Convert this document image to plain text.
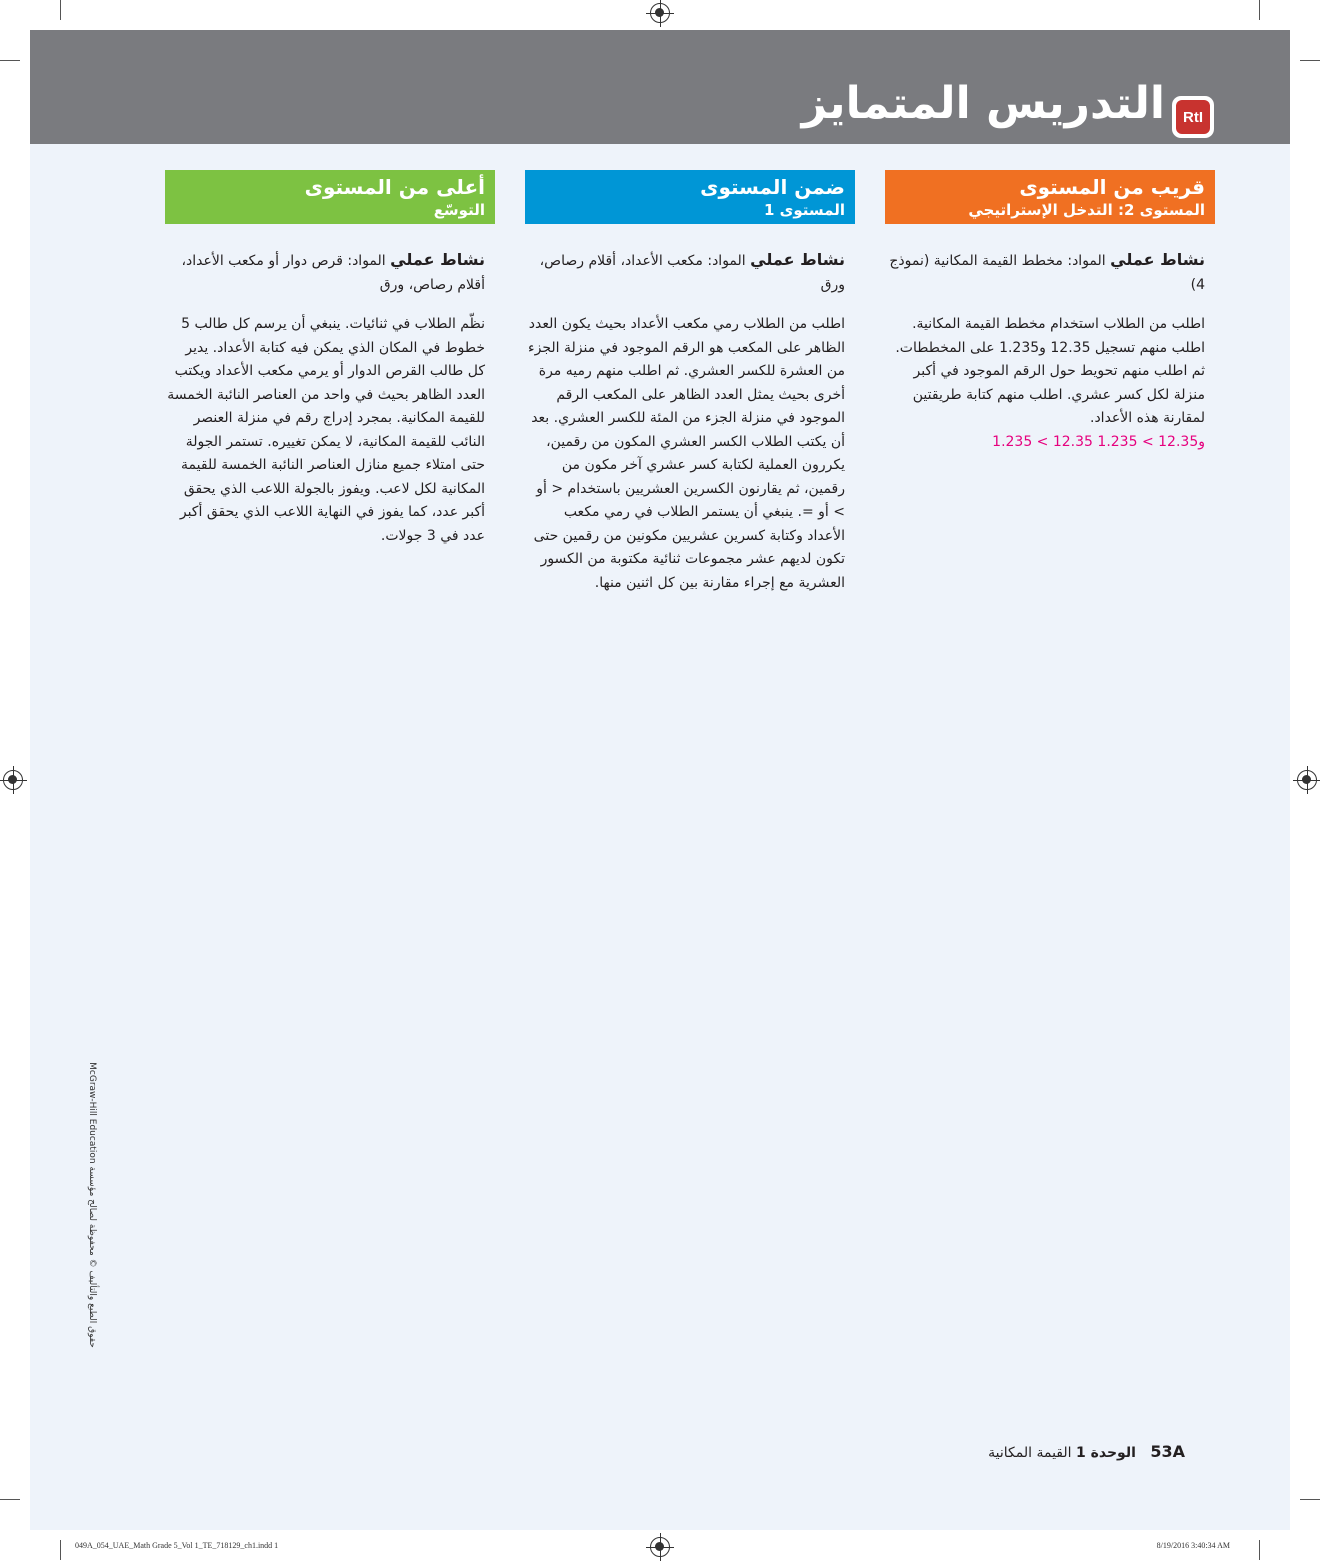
RtI
التدريس المتمايز
قريب من المستوى
المستوى 2: التدخل الإستراتيجي
نشاط عملي المواد: مخطط القيمة المكانية (نموذج 4)
اطلب من الطلاب استخدام مخطط القيمة المكانية. اطلب منهم تسجيل 12.35 و1.235 على المخططات. ثم اطلب منهم تحويط حول الرقم الموجود في أكبر منزلة لكل كسر عشري. اطلب منهم كتابة طريقتين لمقارنة هذه الأعداد.
1.235 < 12.35 و12.35 > 1.235
ضمن المستوى
المستوى 1
نشاط عملي المواد: مكعب الأعداد، أقلام رصاص، ورق
اطلب من الطلاب رمي مكعب الأعداد بحيث يكون العدد الظاهر على المكعب هو الرقم الموجود في منزلة الجزء من العشرة للكسر العشري. ثم اطلب منهم رميه مرة أخرى بحيث يمثل العدد الظاهر على المكعب الرقم الموجود في منزلة الجزء من المئة للكسر العشري. بعد أن يكتب الطلاب الكسر العشري المكون من رقمين، يكررون العملية لكتابة كسر عشري آخر مكون من رقمين، ثم يقارنون الكسرين العشريين باستخدام < أو > أو =. ينبغي أن يستمر الطلاب في رمي مكعب الأعداد وكتابة كسرين عشريين مكونين من رقمين حتى تكون لديهم عشر مجموعات ثنائية مكتوبة من الكسور العشرية مع إجراء مقارنة بين كل اثنين منها.
أعلى من المستوى
التوسّع
نشاط عملي المواد: قرص دوار أو مكعب الأعداد، أقلام رصاص، ورق
نظّم الطلاب في ثنائيات. ينبغي أن يرسم كل طالب 5 خطوط في المكان الذي يمكن فيه كتابة الأعداد. يدير كل طالب القرص الدوار أو يرمي مكعب الأعداد ويكتب العدد الظاهر بحيث في واحد من العناصر النائبة الخمسة للقيمة المكانية. بمجرد إدراج رقم في منزلة العنصر النائب للقيمة المكانية، لا يمكن تغييره. تستمر الجولة حتى امتلاء جميع منازل العناصر النائبة الخمسة للقيمة المكانية لكل لاعب. ويفوز بالجولة اللاعب الذي يحقق أكبر عدد، كما يفوز في النهاية اللاعب الذي يحقق أكبر عدد في 3 جولات.
53A الوحدة 1 القيمة المكانية
حقوق الطبع والتأليف © محفوظة لصالح مؤسسة McGraw-Hill Education
049A_054_UAE_Math Grade 5_Vol 1_TE_718129_ch1.indd 1	8/19/2016 3:40:34 AM
